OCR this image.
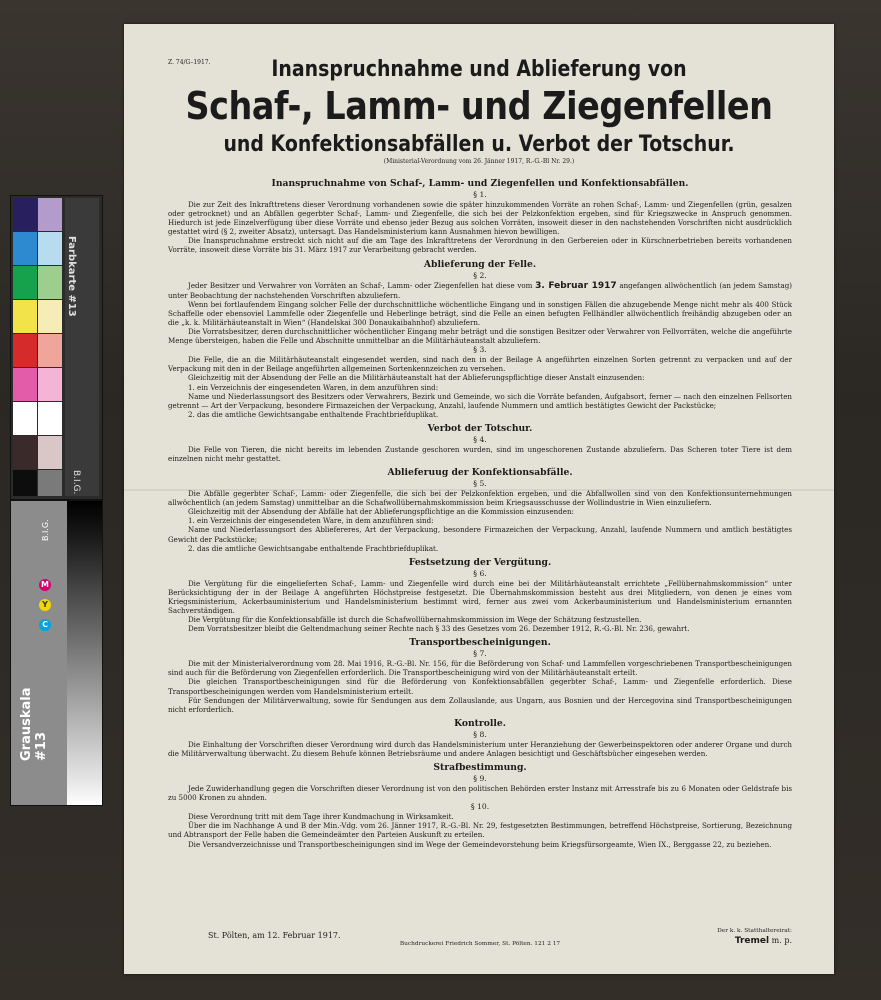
Farbkarte #13
B.I.G.
C
Y
M
Grauskala #13
B.I.G.
Z. 74/G–1917.	Inanspruchnahme und Ablieferung von
Schaf-, Lamm- und Ziegenfellen
und Konfektionsabfällen u. Verbot der Totschur.
(Ministerial-Verordnung vom 26. Jänner 1917, R.-G.-Bl Nr. 29.)
Inanspruchnahme von Schaf-, Lamm- und Ziegenfellen und Konfektionsabfällen.
§ 1.

Die zur Zeit des Inkrafttretens dieser Verordnung vorhandenen sowie die später hinzukommenden Vorräte an rohen Schaf-, Lamm- und Ziegenfellen (grün, gesalzen oder getrocknet) und an Abfällen gegerbter Schaf-, Lamm- und Ziegenfelle, die sich bei der Pelzkonfektion ergeben, sind für Kriegszwecke in Anspruch genommen. Hiedurch ist jede Einzelverfügung über diese Vorräte und ebenso jeder Bezug aus solchen Vorräten, insoweit dieser in den nachstehenden Vorschriften nicht ausdrücklich gestattet wird (§ 2, zweiter Absatz), untersagt. Das Handelsministerium kann Ausnahmen hievon bewilligen.

Die Inanspruchnahme erstreckt sich nicht auf die am Tage des Inkrafttretens der Verordnung in den Gerbereien oder in Kürschnerbetrieben bereits vorhandenen Vorräte, insoweit diese Vorräte bis 31. März 1917 zur Verarbeitung gebracht werden.

Ablieferung der Felle.
§ 2.

Jeder Besitzer und Verwahrer von Vorräten an Schaf-, Lamm- oder Ziegenfellen hat diese vom 3. Februar 1917 angefangen allwöchentlich (an jedem Samstag) unter Beobachtung der nachstehenden Vorschriften abzuliefern.

Wenn bei fortlaufendem Eingang solcher Felle der durchschnittliche wöchentliche Eingang und in sonstigen Fällen die abzugebende Menge nicht mehr als 400 Stück Schaffelle oder ebensoviel Lammfelle oder Ziegenfelle und Heberlinge beträgt, sind die Felle an einen befugten Fellhändler allwöchentlich freihändig abzugeben oder an die „k. k. Militärhäuteanstalt in Wien“ (Handelskai 300 Donaukaibahnhof) abzuliefern.

Die Vorratsbesitzer, deren durchschnittlicher wöchentlicher Eingang mehr beträgt und die sonstigen Besitzer oder Verwahrer von Fellvorräten, welche die angeführte Menge übersteigen, haben die Felle und Abschnitte unmittelbar an die Militärhäuteanstalt abzuliefern.

§ 3.

Die Felle, die an die Militärhäuteanstalt eingesendet werden, sind nach den in der Beilage A angeführten einzelnen Sorten getrennt zu verpacken und auf der Verpackung mit den in der Beilage angeführten allgemeinen Sortenkennzeichen zu versehen.

Gleichzeitig mit der Absendung der Felle an die Militärhäuteanstalt hat der Ablieferungspflichtige dieser Anstalt einzusenden:

1. ein Verzeichnis der eingesendeten Waren, in dem anzuführen sind:

Name und Niederlassungsort des Besitzers oder Verwahrers, Bezirk und Gemeinde, wo sich die Vorräte befanden, Aufgabsort, ferner — nach den einzelnen Fellsorten getrennt — Art der Verpackung, besondere Firmazeichen der Verpackung, Anzahl, laufende Nummern und amtlich bestätigtes Gewicht der Packstücke;

2. das die amtliche Gewichtsangabe enthaltende Frachtbriefduplikat.

Verbot der Totschur.
§ 4.

Die Felle von Tieren, die nicht bereits im lebenden Zustande geschoren wurden, sind im ungeschorenen Zustande abzuliefern. Das Scheren toter Tiere ist dem einzelnen nicht mehr gestattet.

Ablieferuug der Konfektionsabfälle.
§ 5.

Die Abfälle gegerbter Schaf-, Lamm- oder Ziegenfelle, die sich bei der Pelzkonfektion ergeben, und die Abfallwollen sind von den Konfektionsunternehmungen allwöchentlich (an jedem Samstag) unmittelbar an die Schafwollübernahmskommission beim Kriegsausschusse der Wollindustrie in Wien einzuliefern.

Gleichzeitig mit der Absendung der Abfälle hat der Ablieferungspflichtige an die Kommission einzusenden:

1. ein Verzeichnis der eingesendeten Ware, in dem anzuführen sind:

Name und Niederlassungsort des Abliefereres, Art der Verpackung, besondere Firmazeichen der Verpackung, Anzahl, laufende Nummern und amtlich bestätigtes Gewicht der Packstücke;

2. das die amtliche Gewichtsangabe enthaltende Frachtbriefduplikat.

Festsetzung der Vergütung.
§ 6.

Die Vergütung für die eingelieferten Schaf-, Lamm- und Ziegenfelle wird durch eine bei der Militärhäuteanstalt errichtete „Fellübernahmskommission“ unter Berücksichtigung der in der Beilage A angeführten Höchstpreise festgesetzt. Die Übernahmskommission besteht aus drei Mitgliedern, von denen je eines vom Kriegsministerium, Ackerbauministerium und Handelsministerium bestimmt wird, ferner aus zwei vom Ackerbauministerium und Handelsministerium ernannten Sachverständigen.

Die Vergütung für die Konfektionsabfälle ist durch die Schafwollübernahmskommission im Wege der Schätzung festzustellen.

Dem Vorratsbesitzer bleibt die Geltendmachung seiner Rechte nach § 33 des Gesetzes vom 26. Dezember 1912, R.-G.-Bl. Nr. 236, gewahrt.

Transportbescheinigungen.
§ 7.

Die mit der Ministerialverordnung vom 28. Mai 1916, R.-G.-Bl. Nr. 156, für die Beförderung von Schaf- und Lammfellen vorgeschriebenen Transportbescheinigungen sind auch für die Beförderung von Ziegenfellen erforderlich. Die Transportbescheinigung wird von der Militärhäuteanstalt erteilt.

Die gleichen Transportbescheinigungen sind für die Beförderung von Konfektionsabfällen gegerbter Schaf-, Lamm- und Ziegenfelle erforderlich. Diese Transportbescheinigungen werden vom Handelsministerium erteilt.

Für Sendungen der Militärverwaltung, sowie für Sendungen aus dem Zollauslande, aus Ungarn, aus Bosnien und der Hercegovina sind Transportbescheinigungen nicht erforderlich.

Kontrolle.
§ 8.

Die Einhaltung der Vorschriften dieser Verordnung wird durch das Handelsministerium unter Heranziehung der Gewerbeinspektoren oder anderer Organe und durch die Militärverwaltung überwacht. Zu diesem Behufe können Betriebsräume und andere Anlagen besichtigt und Geschäftsbücher eingesehen werden.

Strafbestimmung.
§ 9.

Jede Zuwiderhandlung gegen die Vorschriften dieser Verordnung ist von den politischen Behörden erster Instanz mit Arresstrafe bis zu 6 Monaten oder Geldstrafe bis zu 5000 Kronen zu ahnden.

§ 10.

Diese Verordnung tritt mit dem Tage ihrer Kundmachung in Wirksamkeit.

Über die im Nachhange A und B der Min.-Vdg. vom 26. Jänner 1917, R.-G.-Bl. Nr. 29, festgesetzten Bestimmungen, betreffend Höchstpreise, Sortierung, Bezeichnung und Abtransport der Felle haben die Gemeindeämter den Parteien Auskunft zu erteilen.

Die Versandverzeichnisse und Transportbescheinigungen sind im Wege der Gemeindevorstehung beim Kriegsfürsorgeamte, Wien IX., Berggasse 22, zu beziehen.

St. Pölten, am 12. Februar 1917.
Buchdruckerei Friedrich Sommer, St. Pölten. 121 2 17
Der k. k. Statthaltereirat:
Tremel m. p.
